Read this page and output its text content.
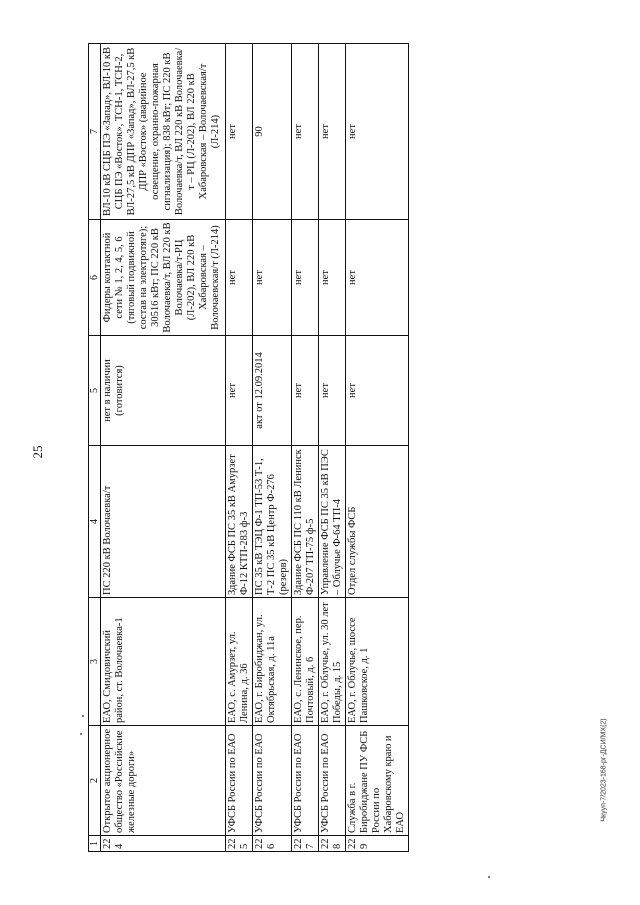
25
Чкууп-7/2023-168-рг-ДСИ/МХ(2)
1	2	3	4	5	6	7
224	Открытое акционерное общество «Российские железные дороги»	ЕАО, Смидовичский район, ст. Волочаевка-1	ПС 220 кВ Волочаевка/т	нет в наличии (готовится)	Фидеры контактной сети № 1, 2, 4, 5, 6 (тяговый подвижной состав на электротяге); 30516 кВт; ПС 220 кВ Волочаевка/т, ВЛ 220 кВ Волочаевка/т-РЦ (Л-202), ВЛ 220 кВ Хабаровская – Волочаевская/т (Л-214)	ВЛ-10 кВ СЦБ ПЭ «Запад», ВЛ-10 кВ СЦБ ПЭ «Восток», ТСН-1, ТСН-2, ВЛ-27,5 кВ ДПР «Запад», ВЛ-27,5 кВ ДПР «Восток» (аварийное освещение, охранно-пожарная сигнализация); 838 кВт; ПС 220 кВ Волочаевка/т, ВЛ 220 кВ Волочаевка/т – РЦ (Л-202), ВЛ 220 кВ Хабаровская – Волочаевская/т (Л-214)
225	УФСБ России по ЕАО	ЕАО, с. Амурзет, ул. Ленина, д. 36	Здание ФСБ ПС 35 кВ Амурзет Ф-12 КТП-283 ф-3	нет	нет	нет
226	УФСБ России по ЕАО	ЕАО, г. Биробиджан, ул. Октябрьская, д. 11а	ПС 35 кВ ТЭЦ Ф-1 ТП-53 Т-1, Т-2 ПС 35 кВ Центр Ф-276 (резерв)	акт от 12.09.2014	нет	90
227	УФСБ России по ЕАО	ЕАО, с. Ленинское, пер. Почтовый, д. 6	Здание ФСБ ПС 110 кВ Ленинск Ф-207 ТП-75 ф-5	нет	нет	нет
228	УФСБ России по ЕАО	ЕАО, г. Облучье, ул. 30 лет Победы, д. 15	Управление ФСБ ПС 35 кВ ПЭС – Облучье Ф-64 ТП-4	нет	нет	нет
229	Служба в г. Биробиджане ПУ ФСБ России по Хабаровскому краю и ЕАО	ЕАО, г. Облучье, шоссе Пашковское, д. 1	Отдел службы ФСБ	нет	нет	нет
